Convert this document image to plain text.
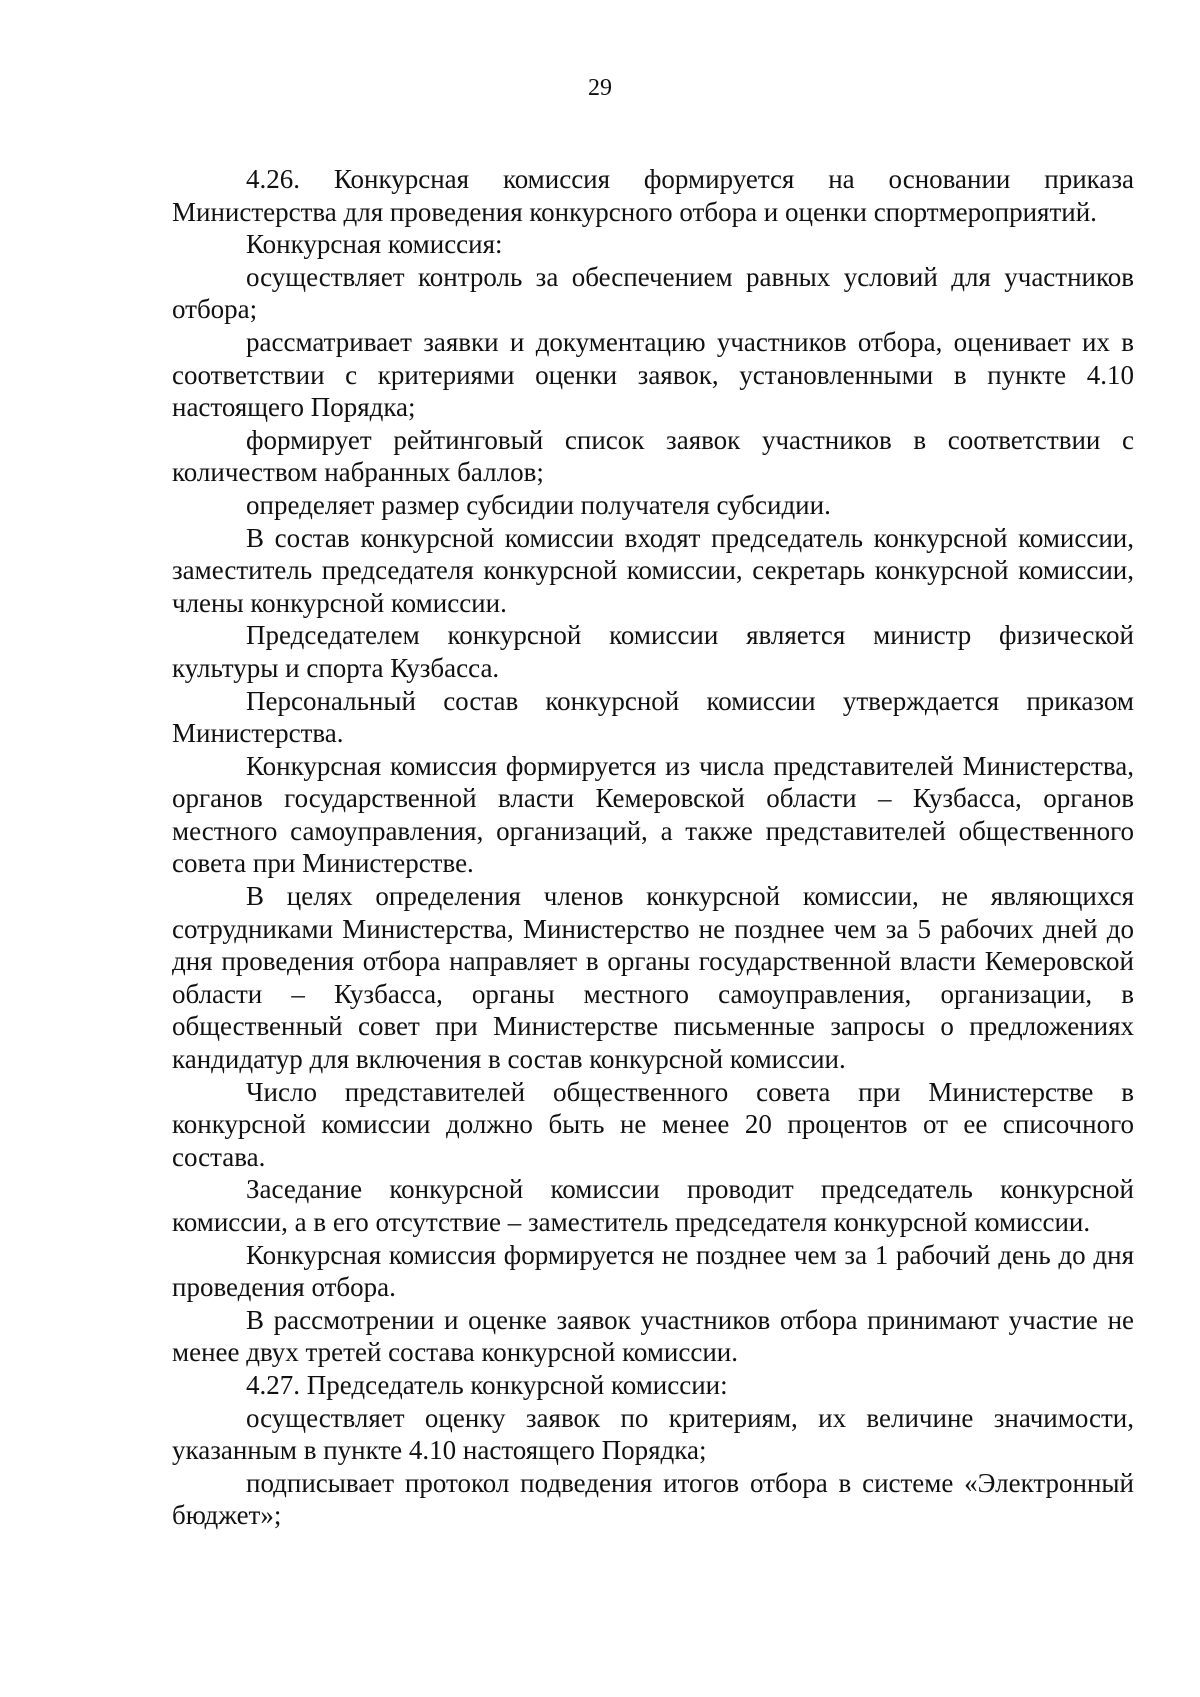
29

4.26. Конкурсная комиссия формируется на основании приказа Министерства для проведения конкурсного отбора и оценки спортмероприятий.

Конкурсная комиссия:

осуществляет контроль за обеспечением равных условий для участников отбора;

рассматривает заявки и документацию участников отбора, оценивает их в соответствии с критериями оценки заявок, установленными в пункте 4.10 настоящего Порядка;

формирует рейтинговый список заявок участников в соответствии с количеством набранных баллов;

определяет размер субсидии получателя субсидии.

В состав конкурсной комиссии входят председатель конкурсной комиссии, заместитель председателя конкурсной комиссии, секретарь конкурсной комиссии, члены конкурсной комиссии.

Председателем конкурсной комиссии является министр физической культуры и спорта Кузбасса.

Персональный состав конкурсной комиссии утверждается приказом Министерства.

Конкурсная комиссия формируется из числа представителей Министерства, органов государственной власти Кемеровской области – Кузбасса, органов местного самоуправления, организаций, а также представителей общественного совета при Министерстве.

В целях определения членов конкурсной комиссии, не являющихся сотрудниками Министерства, Министерство не позднее чем за 5 рабочих дней до дня проведения отбора направляет в органы государственной власти Кемеровской области – Кузбасса, органы местного самоуправления, организации, в общественный совет при Министерстве письменные запросы о предложениях кандидатур для включения в состав конкурсной комиссии.

Число представителей общественного совета при Министерстве в конкурсной комиссии должно быть не менее 20 процентов от ее списочного состава.

Заседание конкурсной комиссии проводит председатель конкурсной комиссии, а в его отсутствие – заместитель председателя конкурсной комиссии.

Конкурсная комиссия формируется не позднее чем за 1 рабочий день до дня проведения отбора.

В рассмотрении и оценке заявок участников отбора принимают участие не менее двух третей состава конкурсной комиссии.

4.27. Председатель конкурсной комиссии:

осуществляет оценку заявок по критериям, их величине значимости, указанным в пункте 4.10 настоящего Порядка;

подписывает протокол подведения итогов отбора в системе «Электронный бюджет»;
